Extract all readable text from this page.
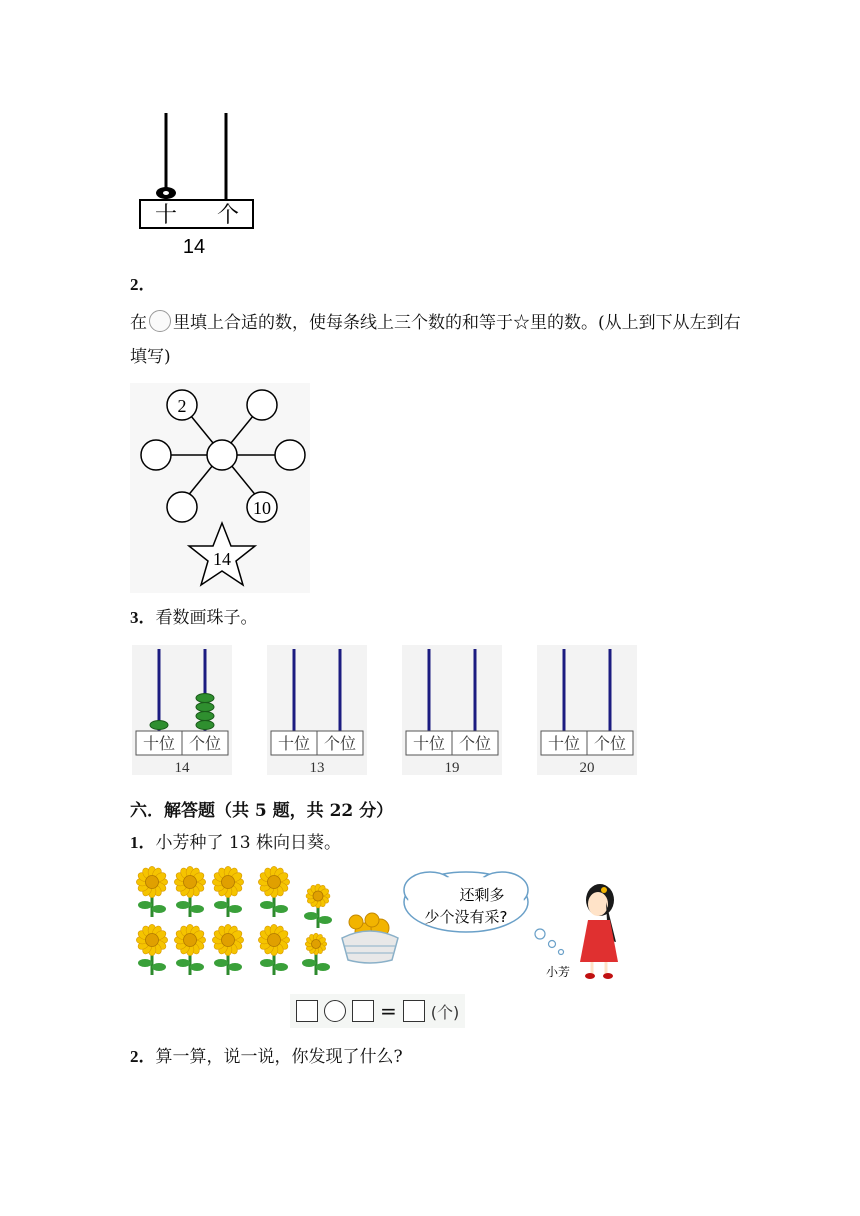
十 个
14
2．
在 里填上合适的数，使每条线上三个数的和等于☆里的数。(从上到下从左到右填写)
2
10
14
3．看数画珠子。
十位 个位
14
十位 个位
13
十位 个位
19
十位 个位
20
六．解答题（共 5 题，共 22 分）
1．小芳种了 13 株向日葵。
还剩多
少个没有采?
小芳
= (个)
2．算一算，说一说，你发现了什么?
